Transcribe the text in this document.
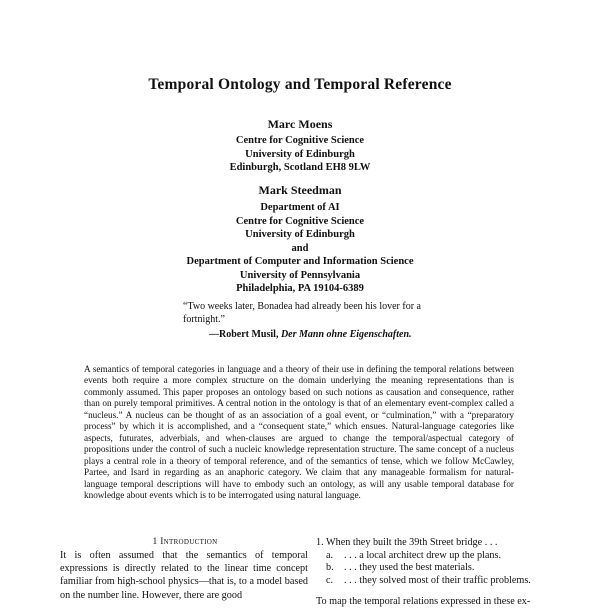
Temporal Ontology and Temporal Reference
Marc Moens
Centre for Cognitive Science
University of Edinburgh
Edinburgh, Scotland EH8 9LW
Mark Steedman
Department of AI
Centre for Cognitive Science
University of Edinburgh
and
Department of Computer and Information Science
University of Pennsylvania
Philadelphia, PA 19104-6389
“Two weeks later, Bonadea had already been his lover for a fortnight.”
—Robert Musil, Der Mann ohne Eigenschaften.

A semantics of temporal categories in language and a theory of their use in defining the temporal relations between events both require a more complex structure on the domain underlying the meaning representations than is commonly assumed. This paper proposes an ontology based on such notions as causation and consequence, rather than on purely temporal primitives. A central notion in the ontology is that of an elementary event-complex called a “nucleus.” A nucleus can be thought of as an association of a goal event, or “culmination,” with a “preparatory process” by which it is accomplished, and a “consequent state,” which ensues. Natural-language categories like aspects, futurates, adverbials, and when-clauses are argued to change the temporal/aspectual category of propositions under the control of such a nucleic knowledge representation structure. The same concept of a nucleus plays a central role in a theory of temporal reference, and of the semantics of tense, which we follow McCawley, Partee, and Isard in regarding as an anaphoric category. We claim that any manageable formalism for natural-language temporal descriptions will have to embody such an ontology, as will any usable temporal database for knowledge about events which is to be interrogated using natural language.

1 Introduction

It is often assumed that the semantics of temporal expressions is directly related to the linear time concept familiar from high-school physics—that is, to a model based on the number line. However, there are good

1. When they built the 39th Street bridge . . .
a. . . . a local architect drew up the plans.
b. . . . they used the best materials.
c. . . . they solved most of their traffic problems.
To map the temporal relations expressed in these ex-
